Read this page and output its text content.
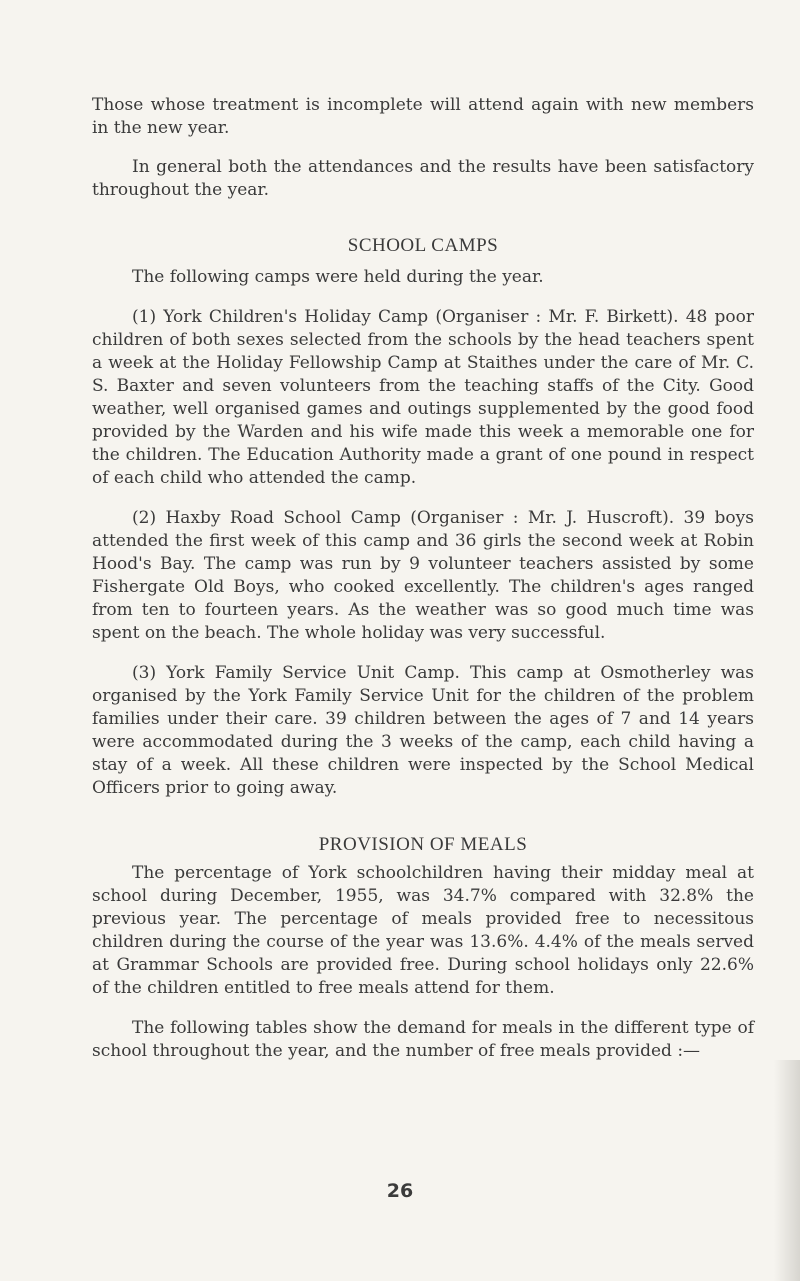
Those whose treatment is incomplete will attend again with new members in the new year.

In general both the attendances and the results have been satisfactory throughout the year.

SCHOOL CAMPS

The following camps were held during the year.

(1) York Children's Holiday Camp (Organiser : Mr. F. Birkett). 48 poor children of both sexes selected from the schools by the head teachers spent a week at the Holiday Fellowship Camp at Staithes under the care of Mr. C. S. Baxter and seven volunteers from the teaching staffs of the City. Good weather, well organised games and outings supplemented by the good food provided by the Warden and his wife made this week a memorable one for the children. The Education Authority made a grant of one pound in respect of each child who attended the camp.

(2) Haxby Road School Camp (Organiser : Mr. J. Huscroft). 39 boys attended the first week of this camp and 36 girls the second week at Robin Hood's Bay. The camp was run by 9 volunteer teachers assisted by some Fishergate Old Boys, who cooked excellently. The children's ages ranged from ten to fourteen years. As the weather was so good much time was spent on the beach. The whole holiday was very successful.

(3) York Family Service Unit Camp. This camp at Osmotherley was organised by the York Family Service Unit for the children of the problem families under their care. 39 children between the ages of 7 and 14 years were accommodated during the 3 weeks of the camp, each child having a stay of a week. All these children were inspected by the School Medical Officers prior to going away.

PROVISION OF MEALS

The percentage of York schoolchildren having their midday meal at school during December, 1955, was 34.7% compared with 32.8% the previous year. The percentage of meals provided free to necessitous children during the course of the year was 13.6%. 4.4% of the meals served at Grammar Schools are provided free. During school holidays only 22.6% of the children entitled to free meals attend for them.

The following tables show the demand for meals in the different type of school throughout the year, and the number of free meals provided :—

26
